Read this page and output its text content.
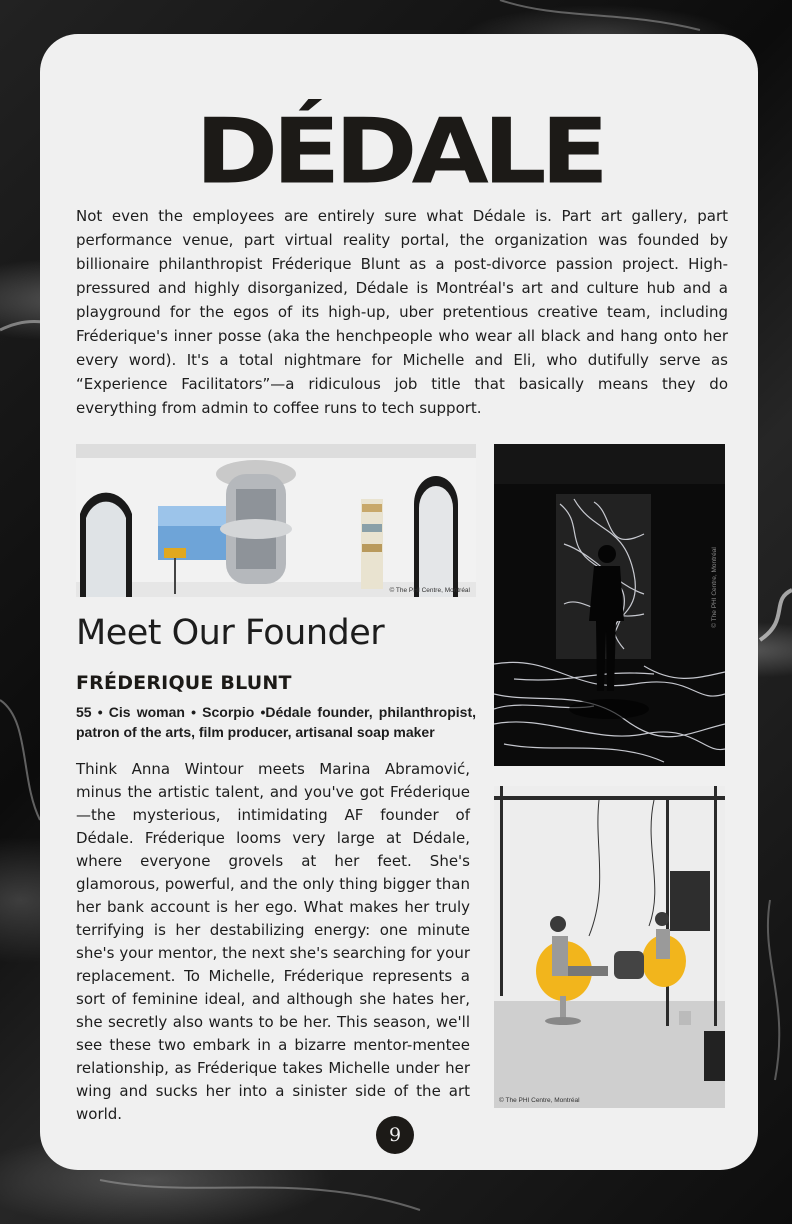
DÉDALE

Not even the employees are entirely sure what Dédale is. Part art gallery, part performance venue, part virtual reality portal, the organization was founded by billionaire philanthropist Fréderique Blunt as a post-divorce passion project. High-pressured and highly disorganized, Dédale is Montréal's art and culture hub and a playground for the egos of its high-up, uber pretentious creative team, including Fréderique's inner posse (aka the henchpeople who wear all black and hang onto her every word). It's a total nightmare for Michelle and Eli, who dutifully serve as “Experience Facilitators”—a ridiculous job title that basically means they do everything from admin to coffee runs to tech support.

© The PHI Centre, Montréal	© The PHI Centre, Montréal
Meet Our Founder
FRÉDERIQUE BLUNT

55 • Cis woman • Scorpio •Dédale founder, philanthropist, patron of the arts, film producer, artisanal soap maker

Think Anna Wintour meets Marina Abramović, minus the artistic talent, and you've got Fréderique—the mysterious, intimidating AF founder of Dédale. Fréderique looms very large at Dédale, where everyone grovels at her feet. She's glamorous, powerful, and the only thing bigger than her bank account is her ego. What makes her truly terrifying is her destabilizing energy: one minute she's your mentor, the next she's searching for your replacement. To Michelle, Fréderique represents a sort of feminine ideal, and although she hates her, she secretly also wants to be her. This season, we'll see these two embark in a bizarre mentor-mentee relationship, as Fréderique takes Michelle under her wing and sucks her into a sinister side of the art world.

© The PHI Centre, Montréal
9
